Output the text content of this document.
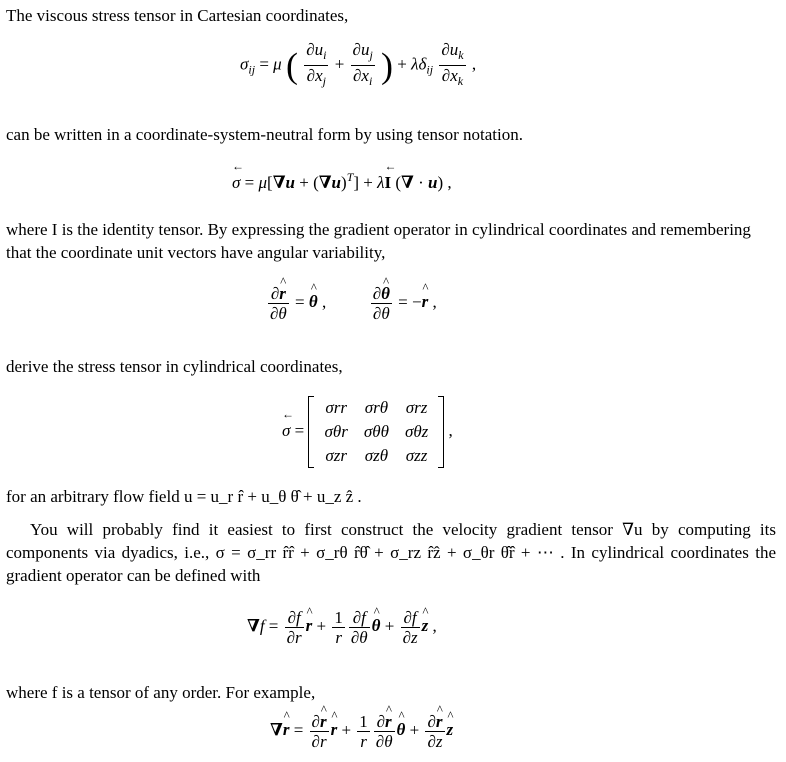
The viscous stress tensor in Cartesian coordinates,
$\sigma_{ij} = \mu$ ( $\frac{\partial u_i}{\partial x_j} + \frac{\partial u_j}{\partial x_i}$ ) + $\lambda\delta_{ij} \frac{\partial u_k}{\partial x_k}$ ,
can be written in a coordinate-system-neutral form by using tensor notation.
← $\sigma = \mu[\nabla u + (\nabla u)^T]$ + λ← I (∇ · u) ,
where I is the identity tensor. By expressing the gradient operator in cylindrical coordinates and remembering that the coordinate unit vectors have angular variability,
$\frac{\partial\^{} r}{\partial\theta}$ = ^ θ , $\frac{\partial\^{} \theta}{\partial\theta}$ = −^ r ,
derive the stress tensor in cylindrical coordinates,
← σ =
σrr	σrθ	σrz
σθr	σθθ	σθz
σzr	σzθ	σzz
,
for an arbitrary flow field u = u_r r̂ + u_θ θ̂ + u_z ẑ .
You will probably find it easiest to first construct the velocity gradient tensor ∇u by computing its components via dyadics, i.e., σ = σ_rr r̂r̂ + σ_rθ r̂θ̂ + σ_rz r̂ẑ + σ_θr θ̂r̂ + ⋯ . In cylindrical coordinates the gradient operator can be defined with
$\nabla f = \frac{\partial f}{\partial r}$ ^ $r + \frac{1}{r} \frac{\partial f}{\partial\theta}$ ^ $\theta + \frac{\partial f}{\partial z}$ ^ z ,
where f is a tensor of any order. For example,
∇^ $r = \frac{\partial\^{} r}{\partial r}$ ^ $r + \frac{1}{r} \frac{\partial\^{} r}{\partial\theta}$ ^ $\theta + \frac{\partial\^{} r}{\partial z}$ ^ z
